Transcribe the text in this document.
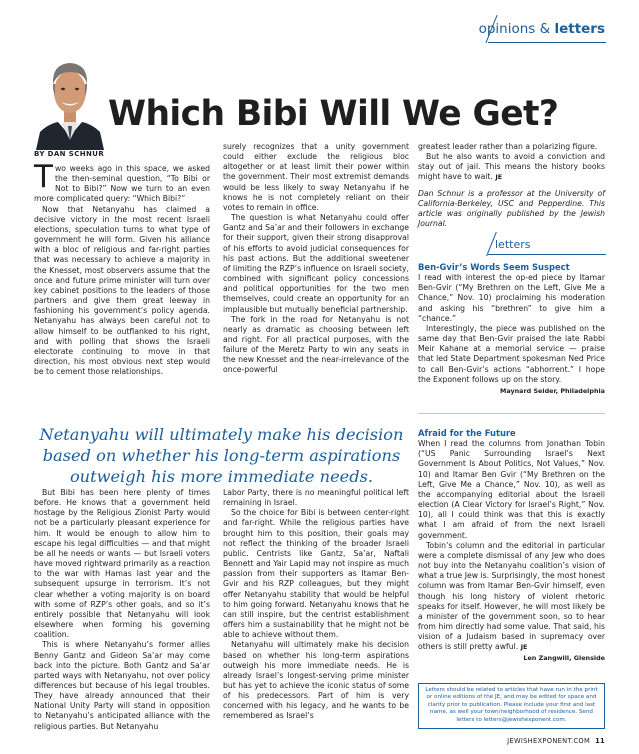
opinions & letters
Which Bibi Will We Get?
BY DAN SCHNUR

Two weeks ago in this space, we asked the then-seminal question, “To Bibi or Not to Bibi?” Now we turn to an even more complicated query: “Which Bibi?”

Now that Netanyahu has claimed a decisive victory in the most recent Israeli elections, speculation turns to what type of government he will form. Given his alliance with a bloc of religious and far-right parties that was necessary to achieve a majority in the Knesset, most observers assume that the once and future prime minister will turn over key cabinet positions to the leaders of those partners and give them great leeway in fashioning his government’s policy agenda. Netanyahu has always been careful not to allow himself to be outflanked to his right, and with polling that shows the Israeli electorate continuing to move in that direction, his most obvious next step would be to cement those relationships.

surely recognizes that a unity government could either exclude the religious bloc altogether or at least limit their power within the government. Their most extremist demands would be less likely to sway Netanyahu if he knows he is not completely reliant on their votes to remain in office.

The question is what Netanyahu could offer Gantz and Sa’ar and their followers in exchange for their support, given their strong disapproval of his efforts to avoid judicial consequences for his past actions. But the additional sweetener of limiting the RZP’s influence on Israeli society, combined with significant policy concessions and political opportunities for the two men themselves, could create an opportunity for an implausible but mutually beneficial partnership.

The fork in the road for Netanyahu is not nearly as dramatic as choosing between left and right. For all practical purposes, with the failure of the Meretz Party to win any seats in the new Knesset and the near-irrelevance of the once-powerful

greatest leader rather than a polarizing figure.

But he also wants to avoid a conviction and stay out of jail. This means the history books might have to wait. JE

Dan Schnur is a professor at the University of California-Berkeley, USC and Pepperdine. This article was originally published by the Jewish Journal.

letters
Ben-Gvir’s Words Seem Suspect

I read with interest the op-ed piece by Itamar Ben-Gvir (“My Brethren on the Left, Give Me a Chance,” Nov. 10) proclaiming his moderation and asking his “brethren” to give him a “chance.”

Interestingly, the piece was published on the same day that Ben-Gvir praised the late Rabbi Meir Kahane at a memorial service — praise that led State Department spokesman Ned Price to call Ben-Gvir’s actions “abhorrent.” I hope the Exponent follows up on the story.

Maynard Seider, Philadelphia
Afraid for the Future

When I read the columns from Jonathan Tobin (“US Panic Surrounding Israel’s Next Government Is About Politics, Not Values,” Nov. 10) and Itamar Ben Gvir (“My Brethren on the Left, Give Me a Chance,” Nov. 10), as well as the accompanying editorial about the Israeli election (A Clear Victory for Israel’s Right,” Nov. 10), all I could think was that this is exactly what I am afraid of from the next Israeli government.

Tobin’s column and the editorial in particular were a complete dismissal of any Jew who does not buy into the Netanyahu coalition’s vision of what a true Jew is. Surprisingly, the most honest column was from Itamar Ben-Gvir himself, even though his long history of violent rhetoric speaks for itself. However, he will most likely be a minister of the government soon, so to hear from him directly had some value. That said, his vision of a Judaism based in supremacy over others is still pretty awful. JE

Len Zangwill, Glenside
Netanyahu will ultimately make his decision based on whether his long-term aspirations outweigh his more immediate needs.

But Bibi has been here plenty of times before. He knows that a government held hostage by the Religious Zionist Party would not be a particularly pleasant experience for him. It would be enough to allow him to escape his legal difficulties — and that might be all he needs or wants — but Israeli voters have moved rightward primarily as a reaction to the war with Hamas last year and the subsequent upsurge in terrorism. It’s not clear whether a voting majority is on board with some of RZP’s other goals, and so it’s entirely possible that Netanyahu will look elsewhere when forming his governing coalition.

This is where Netanyahu’s former allies Benny Gantz and Gideon Sa’ar may come back into the picture. Both Gantz and Sa’ar parted ways with Netanyahu, not over policy differences but because of his legal troubles. They have already announced that their National Unity Party will stand in opposition to Netanyahu’s anticipated alliance with the religious parties. But Netanyahu

Labor Party, there is no meaningful political left remaining in Israel.

So the choice for Bibi is between center-right and far-right. While the religious parties have brought him to this position, their goals may not reflect the thinking of the broader Israeli public. Centrists like Gantz, Sa’ar, Naftali Bennett and Yair Lapid may not inspire as much passion from their supporters as Itamar Ben-Gvir and his RZP colleagues, but they might offer Netanyahu stability that would be helpful to him going forward. Netanyahu knows that he can still inspire, but the centrist establishment offers him a sustainability that he might not be able to achieve without them.

Netanyahu will ultimately make his decision based on whether his long-term aspirations outweigh his more immediate needs. He is already Israel’s longest-serving prime minister but has yet to achieve the iconic status of some of his predecessors. Part of him is very concerned with his legacy, and he wants to be remembered as Israel’s

Letters should be related to articles that have run in the print or online editions of the JE, and may be edited for space and clarity prior to publication. Please include your first and last name, as well your town/neighborhood of residence. Send letters to letters@jewishexponent.com.
JEWISHEXPONENT.COM 11
